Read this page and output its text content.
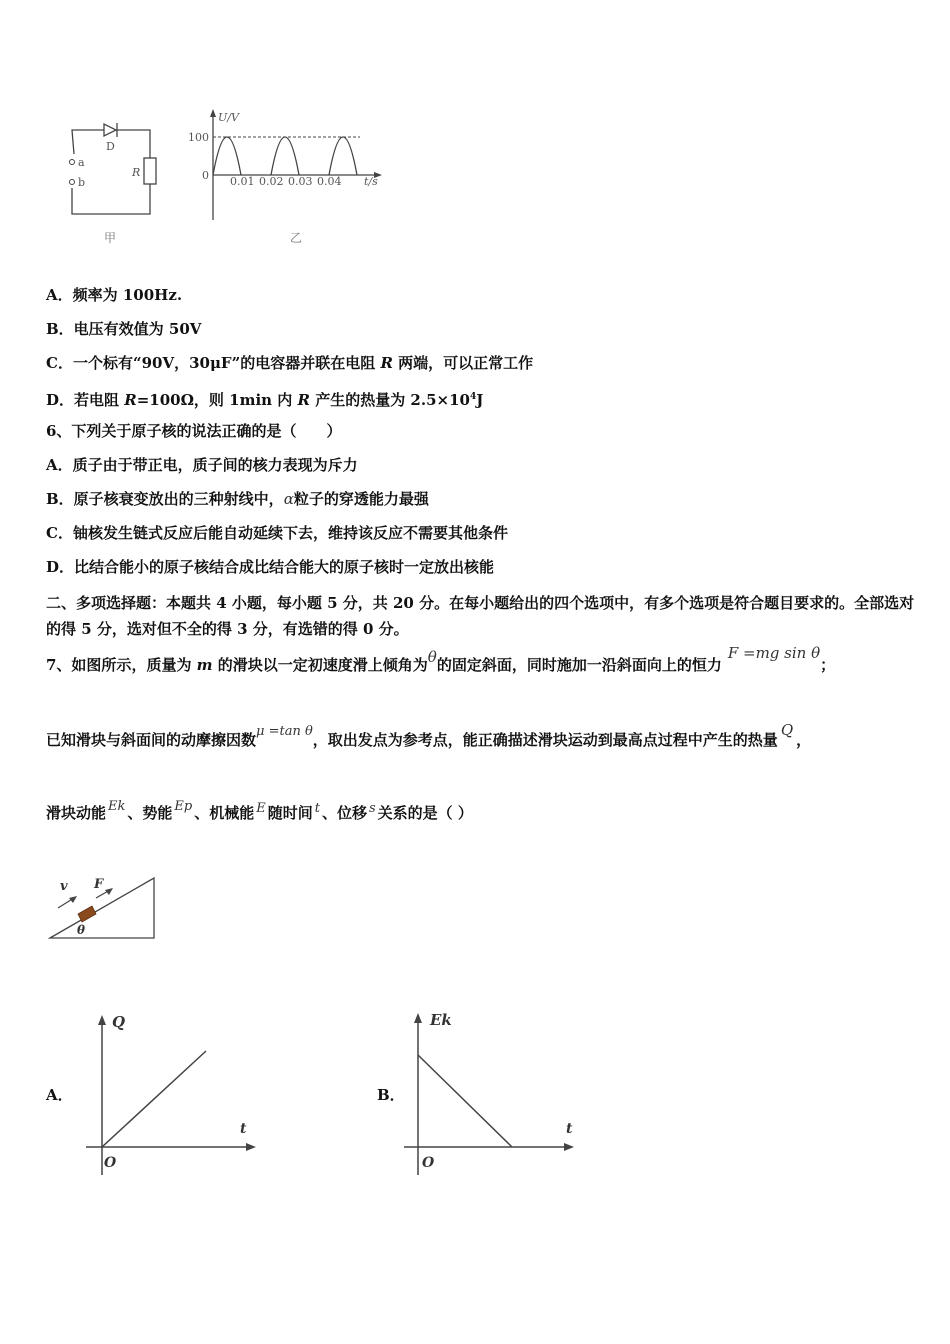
D
a
b
R
甲
U/V
100
0 0.01 0.02 0.03 0.04 t/s
乙
A．频率为 100Hz.
B．电压有效值为 50V
C．一个标有“90V，30μF”的电容器并联在电阻 R 两端，可以正常工作
D．若电阻 R=100Ω，则 1min 内 R 产生的热量为 $2.5\times 10^4J$
6、下列关于原子核的说法正确的是（　　）
A．质子由于带正电，质子间的核力表现为斥力
B．原子核衰变放出的三种射线中，α粒子的穿透能力最强
C．铀核发生链式反应后能自动延续下去，维持该反应不需要其他条件
D．比结合能小的原子核结合成比结合能大的原子核时一定放出核能
二、多项选择题：本题共 4 小题，每小题 5 分，共 20 分。在每小题给出的四个选项中，有多个选项是符合题目要求的。全部选对的得 5 分，选对但不全的得 3 分，有选错的得 0 分。
7、如图所示，质量为 m 的滑块以一定初速度滑上倾角为θ的固定斜面，同时施加一沿斜面向上的恒力F =mg sin θ；
已知滑块与斜面间的动摩擦因数μ =tan θ，取出发点为参考点，能正确描述滑块运动到最高点过程中产生的热量Q，
滑块动能 Ek 、势能 Ep 、机械能 E 随时间 t 、位移 s 关系的是（ ）
v F
θ
A．
Q
t
O
B．
Ek
t
O
